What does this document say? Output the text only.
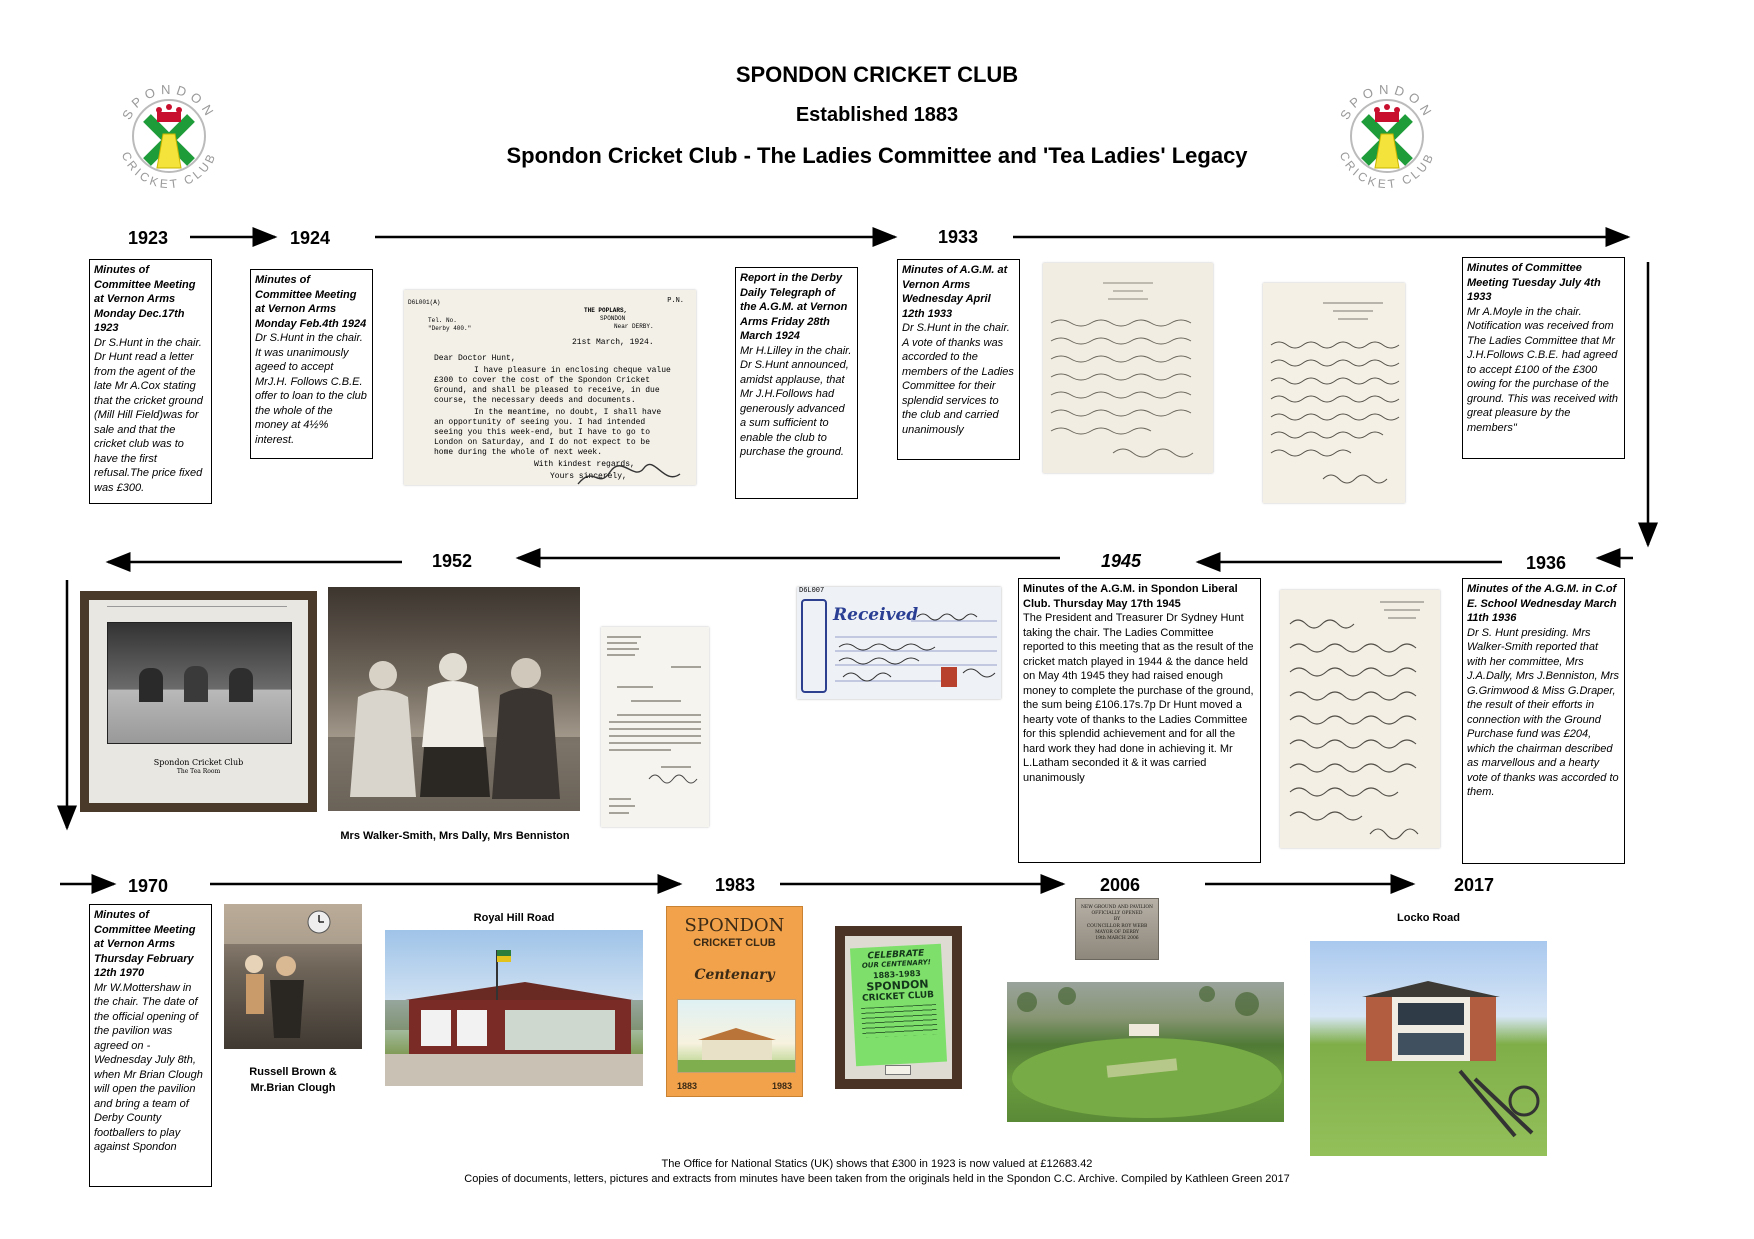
SPONDON CRICKET CLUB
Established 1883
Spondon Cricket Club - The Ladies Committee and 'Tea Ladies' Legacy
SPONDON
CRICKET CLUB
SPONDON
CRICKET CLUB
1923	1924	1933
1936
1945
1952
1970	1983	2006	2017
Minutes of Committee Meeting at Vernon Arms Monday Dec.17th 1923
Dr S.Hunt in the chair. Dr Hunt read a letter from the agent of the late Mr A.Cox stating that the cricket ground (Mill Hill Field)was for sale and that the cricket club was to have the first refusal.The price fixed was £300.
Minutes of Committee Meeting at Vernon Arms Monday Feb.4th 1924
Dr S.Hunt in the chair. It was unanimously ageed to accept MrJ.H. Follows C.B.E. offer to loan to the club the whole of the money at 4½% interest.
Report in the Derby Daily Telegraph of the A.G.M. at Vernon Arms Friday 28th March 1924
Mr H.Lilley in the chair. Dr S.Hunt announced, amidst applause, that Mr J.H.Follows had generously advanced a sum sufficient to enable the club to purchase the ground.
Minutes of A.G.M. at Vernon Arms Wednesday April 12th 1933
Dr S.Hunt in the chair. A vote of thanks was accorded to the members of the Ladies Committee for their splendid services to the club and carried unanimously
Minutes of Committee Meeting Tuesday July 4th 1933
Mr A.Moyle in the chair. Notification was received from The Ladies Committee that Mr J.H.Follows C.B.E. had agreed to accept £100 of the £300 owing for the purchase of the ground. This was received with great pleasure by the members"
Minutes of the A.G.M. in C.of E. School Wednesday March 11th 1936
Dr S. Hunt presiding. Mrs Walker-Smith reported that with her committee, Mrs J.A.Dally, Mrs J.Benniston, Mrs G.Grimwood & Miss G.Draper, the result of their efforts in connection with the Ground Purchase fund was £204, which the chairman described as marvellous and a hearty vote of thanks was accorded to them.
Minutes of the A.G.M. in Spondon Liberal Club. Thursday May 17th 1945
The President and Treasurer Dr Sydney Hunt taking the chair. The Ladies Committee reported to this meeting that as the result of the cricket match played in 1944 & the dance held on May 4th 1945 they had raised enough money to complete the purchase of the ground, the sum being £106.17s.7p Dr Hunt moved a hearty vote of thanks to the Ladies Committee for this splendid achievement and for all the hard work they had done in achieving it. Mr L.Latham seconded it & it was carried unanimously
Minutes of Committee Meeting at Vernon Arms Thursday February 12th 1970
Mr W.Mottershaw in the chair. The date of the official opening of the pavilion was agreed on - Wednesday July 8th, when Mr Brian Clough will open the pavilion and bring a team of Derby County footballers to play against Spondon
D6L001(A)	P.N.
Tel. No.
"Derby 400."
THE POPLARS,
SPONDON
Near DERBY.
21st March, 1924.
Dear Doctor Hunt,
I have pleasure in enclosing cheque value £300 to cover the cost of the Spondon Cricket Ground, and shall be pleased to receive, in due course, the necessary deeds and documents.
In the meantime, no doubt, I shall have an opportunity of seeing you. I had intended seeing you this week-end, but I have to go to London on Saturday, and I do not expect to be home during the whole of next week.
With kindest regards,
Yours sincerely,
D6L007
Received
Spondon Cricket Club
The Tea Room
Mrs Walker-Smith, Mrs Dally, Mrs Benniston
Russell Brown &
Mr.Brian Clough
Royal Hill Road	SPONDON
CRICKET CLUB
Centenary
1883	1983
CELEBRATE
OUR CENTENARY!
1883-1983
SPONDON
CRICKET CLUB
NEW GROUND AND PAVILION
OFFICIALLY OPENED
BY
COUNCILLOR ROY WEBB
MAYOR OF DERBY
19th MARCH 2006
Locko Road
The Office for National Statics (UK) shows that £300 in 1923 is now valued at £12683.42
Copies of documents, letters, pictures and extracts from minutes have been taken from the originals held in the Spondon C.C. Archive. Compiled by Kathleen Green 2017
